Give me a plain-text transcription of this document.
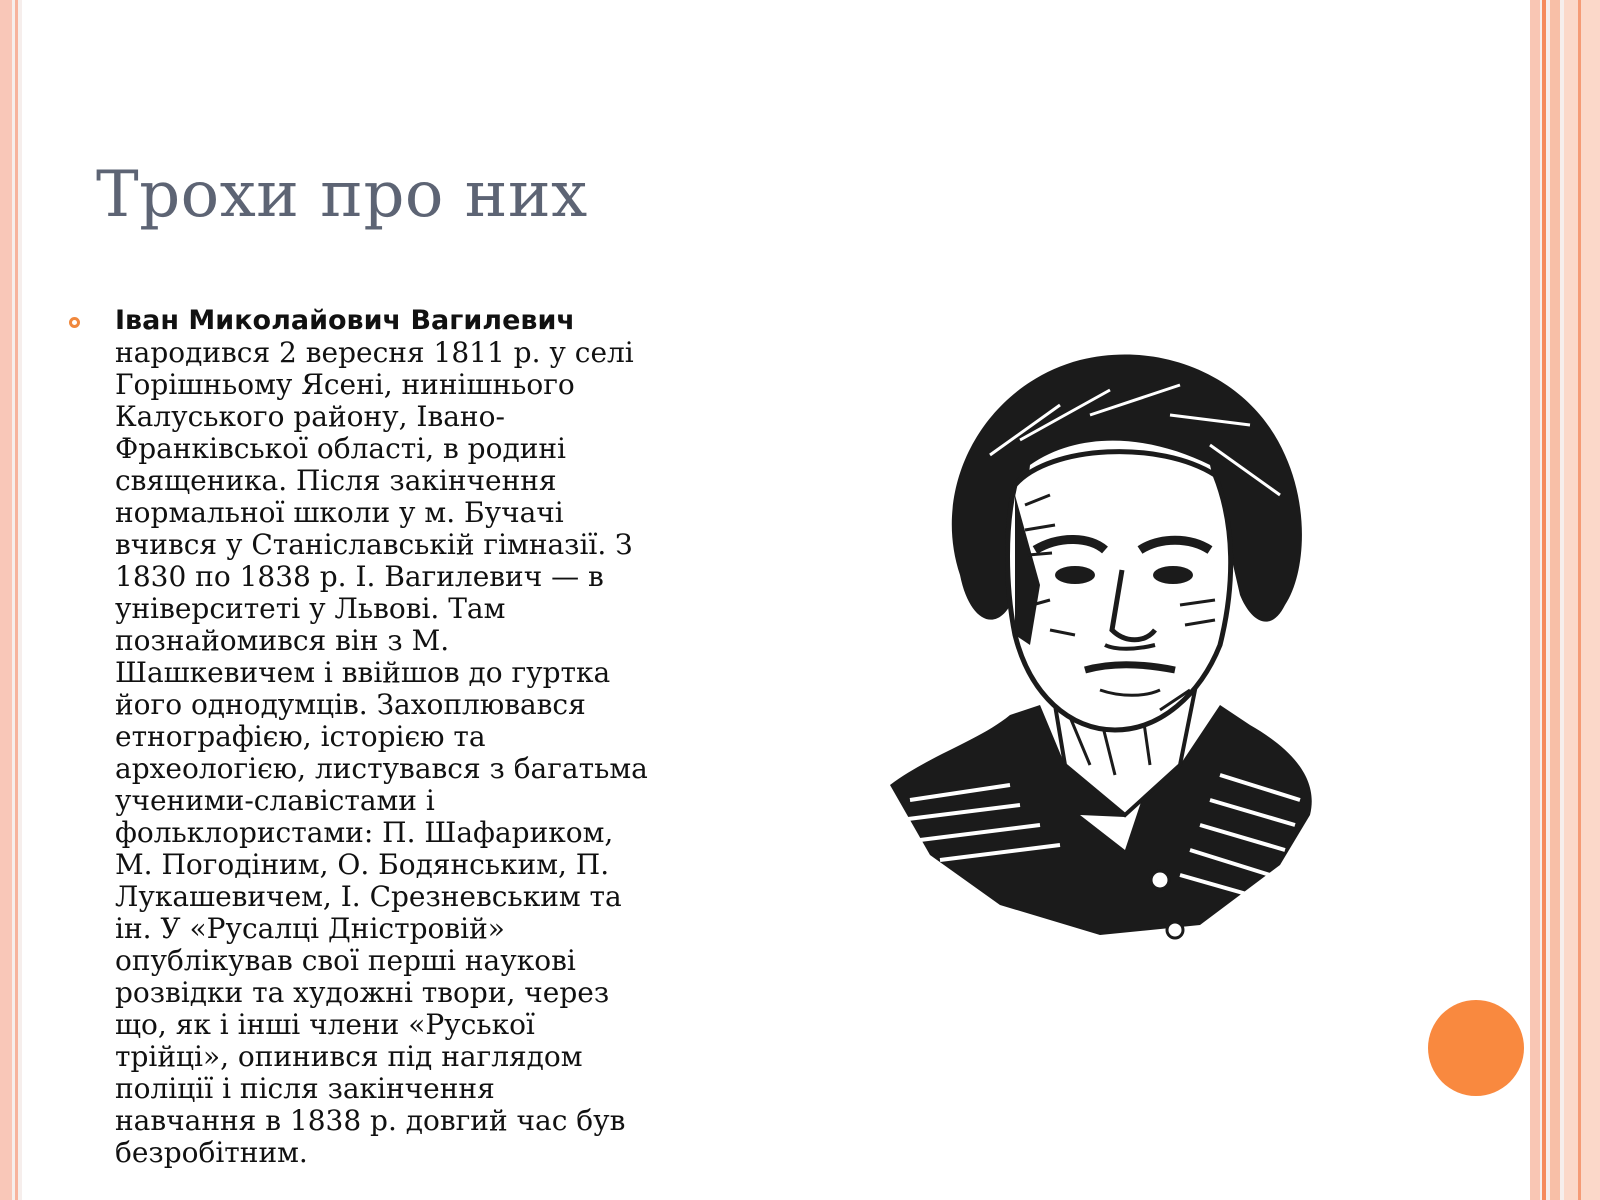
Трохи про них

Іван Миколайович Вагилевич
народився 2 вересня 1811 р. у селі
Горішньому Ясені, нинішнього
Калуського району, Івано-
Франківської області, в родині
священика. Після закінчення
нормальної школи у м. Бучачі
вчився у Станіславській гімназії. З
1830 по 1838 р. І. Вагилевич — в
університеті у Львові. Там
познайомився він з М.
Шашкевичем і ввійшов до гуртка
його однодумців. Захоплювався
етнографією, історією та
археологією, листувався з багатьма
ученими-славістами і
фольклористами: П. Шафариком,
М. Погодіним, О. Бодянським, П.
Лукашевичем, І. Срезневським та
ін. У «Русалці Дністровій»
опублікував свої перші наукові
розвідки та художні твори, через
що, як і інші члени «Руської
трійці», опинився під наглядом
поліції і після закінчення
навчання в 1838 р. довгий час був
безробітним.
